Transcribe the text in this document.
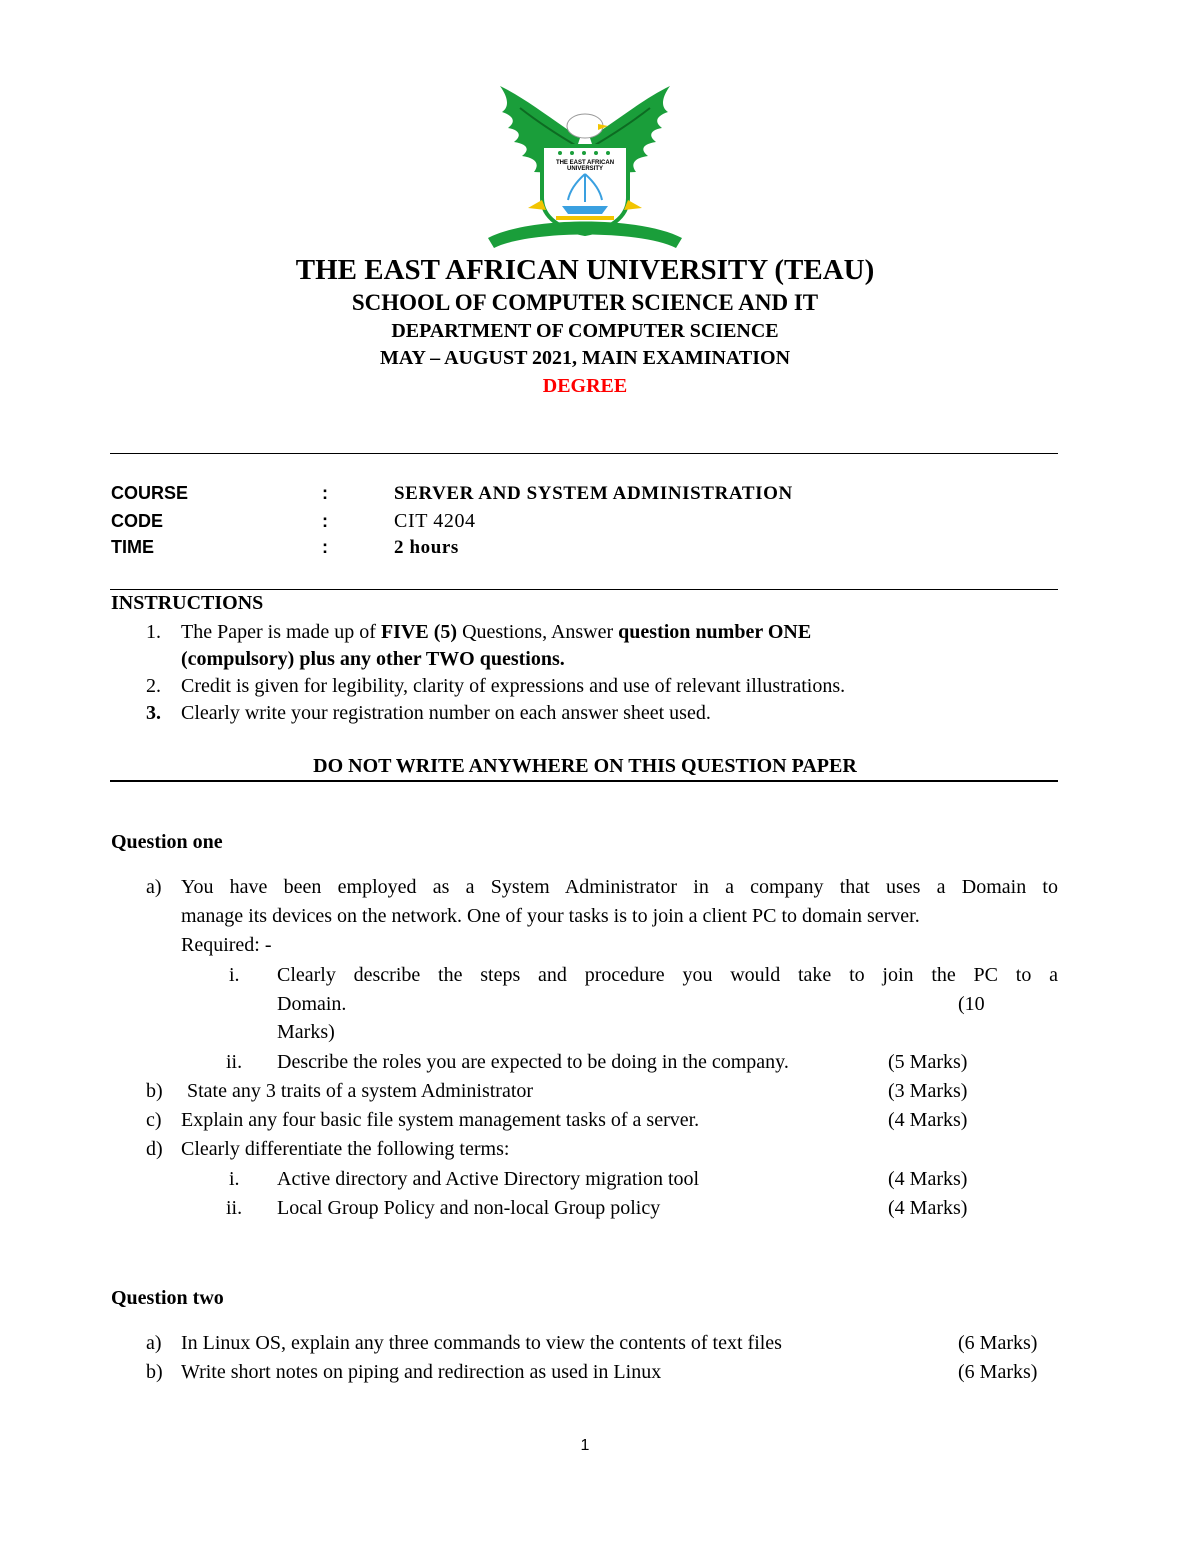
THE EAST AFRICAN UNIVERSITY
THE EAST AFRICAN UNIVERSITY (TEAU)
SCHOOL OF COMPUTER SCIENCE AND IT
DEPARTMENT OF COMPUTER SCIENCE
MAY – AUGUST 2021, MAIN EXAMINATION
DEGREE
COURSE	:	SERVER AND SYSTEM ADMINISTRATION
CODE	:	CIT 4204
TIME	:	2 hours
INSTRUCTIONS
1. The Paper is made up of FIVE (5) Questions, Answer question number ONE
(compulsory) plus any other TWO questions.
2. Credit is given for legibility, clarity of expressions and use of relevant illustrations.
3. Clearly write your registration number on each answer sheet used.
DO NOT WRITE ANYWHERE ON THIS QUESTION PAPER
Question one
a) You have been employed as a System Administrator in a company that uses a Domain to
manage its devices on the network. One of your tasks is to join a client PC to domain server.
Required: -
i. Clearly describe the steps and procedure you would take to join the PC to a
Domain.	(10
Marks)
ii. Describe the roles you are expected to be doing in the company.	(5 Marks)
b) State any 3 traits of a system Administrator	(3 Marks)
c) Explain any four basic file system management tasks of a server.	(4 Marks)
d) Clearly differentiate the following terms:
i. Active directory and Active Directory migration tool	(4 Marks)
ii. Local Group Policy and non-local Group policy	(4 Marks)
Question two
a) In Linux OS, explain any three commands to view the contents of text files	(6 Marks)
b) Write short notes on piping and redirection as used in Linux	(6 Marks)
1
